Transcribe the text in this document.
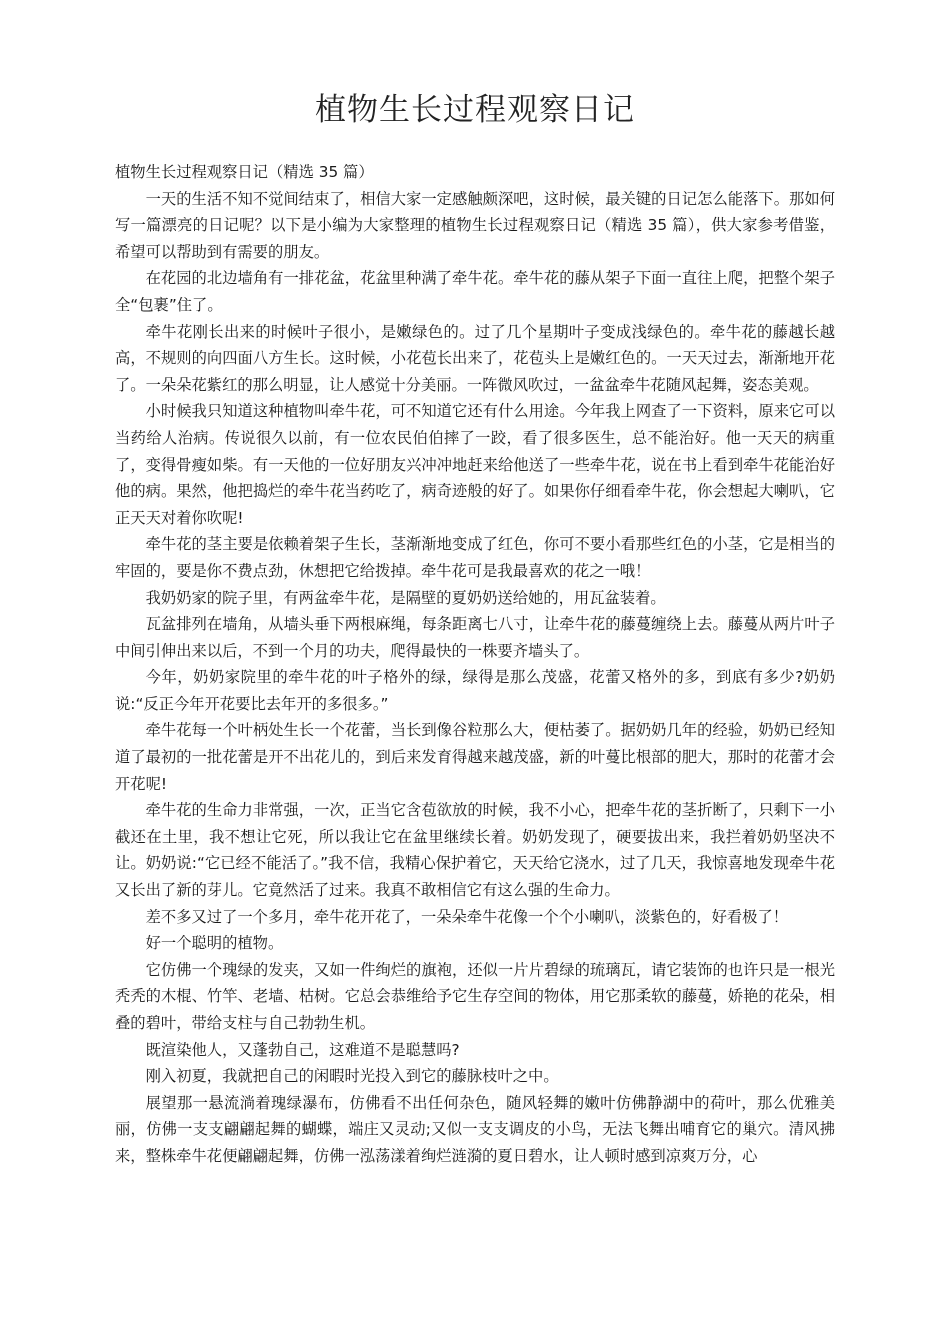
植物生长过程观察日记

植物生长过程观察日记（精选 35 篇）

一天的生活不知不觉间结束了，相信大家一定感触颇深吧，这时候，最关键的日记怎么能落下。那如何写一篇漂亮的日记呢？以下是小编为大家整理的植物生长过程观察日记（精选 35 篇），供大家参考借鉴，希望可以帮助到有需要的朋友。

在花园的北边墙角有一排花盆，花盆里种满了牵牛花。牵牛花的藤从架子下面一直往上爬，把整个架子全“包裹”住了。

牵牛花刚长出来的时候叶子很小，是嫩绿色的。过了几个星期叶子变成浅绿色的。牵牛花的藤越长越高，不规则的向四面八方生长。这时候，小花苞长出来了，花苞头上是嫩红色的。一天天过去，渐渐地开花了。一朵朵花紫红的那么明显，让人感觉十分美丽。一阵微风吹过，一盆盆牵牛花随风起舞，姿态美观。

小时候我只知道这种植物叫牵牛花，可不知道它还有什么用途。今年我上网查了一下资料，原来它可以当药给人治病。传说很久以前，有一位农民伯伯摔了一跤，看了很多医生，总不能治好。他一天天的病重了，变得骨瘦如柴。有一天他的一位好朋友兴冲冲地赶来给他送了一些牵牛花，说在书上看到牵牛花能治好他的病。果然，他把捣烂的牵牛花当药吃了，病奇迹般的好了。如果你仔细看牵牛花，你会想起大喇叭，它正天天对着你吹呢!

牵牛花的茎主要是依赖着架子生长，茎渐渐地变成了红色，你可不要小看那些红色的小茎，它是相当的牢固的，要是你不费点劲，休想把它给拨掉。牵牛花可是我最喜欢的花之一哦！

我奶奶家的院子里，有两盆牵牛花，是隔壁的夏奶奶送给她的，用瓦盆装着。

瓦盆排列在墙角，从墙头垂下两根麻绳，每条距离七八寸，让牵牛花的藤蔓缠绕上去。藤蔓从两片叶子中间引伸出来以后，不到一个月的功夫，爬得最快的一株要齐墙头了。

今年，奶奶家院里的牵牛花的叶子格外的绿，绿得是那么茂盛，花蕾又格外的多，到底有多少?奶奶说:“反正今年开花要比去年开的多很多。”

牵牛花每一个叶柄处生长一个花蕾，当长到像谷粒那么大，便枯萎了。据奶奶几年的经验，奶奶已经知道了最初的一批花蕾是开不出花儿的，到后来发育得越来越茂盛，新的叶蔓比根部的肥大，那时的花蕾才会开花呢!

牵牛花的生命力非常强，一次，正当它含苞欲放的时候，我不小心，把牵牛花的茎折断了，只剩下一小截还在土里，我不想让它死，所以我让它在盆里继续长着。奶奶发现了，硬要拔出来，我拦着奶奶坚决不让。奶奶说:“它已经不能活了。”我不信，我精心保护着它，天天给它浇水，过了几天，我惊喜地发现牵牛花又长出了新的芽儿。它竟然活了过来。我真不敢相信它有这么强的生命力。

差不多又过了一个多月，牵牛花开花了，一朵朵牵牛花像一个个小喇叭，淡紫色的，好看极了！

好一个聪明的植物。

它仿佛一个瑰绿的发夹，又如一件绚烂的旗袍，还似一片片碧绿的琉璃瓦，请它装饰的也许只是一根光秃秃的木棍、竹竿、老墙、枯树。它总会恭维给予它生存空间的物体，用它那柔软的藤蔓，娇艳的花朵，相叠的碧叶，带给支柱与自己勃勃生机。

既渲染他人，又蓬勃自己，这难道不是聪慧吗?

刚入初夏，我就把自己的闲暇时光投入到它的藤脉枝叶之中。

展望那一悬流淌着瑰绿瀑布，仿佛看不出任何杂色，随风轻舞的嫩叶仿佛静湖中的荷叶，那么优雅美丽，仿佛一支支翩翩起舞的蝴蝶，端庄又灵动;又似一支支调皮的小鸟，无法飞舞出哺育它的巢穴。清风拂来，整株牵牛花便翩翩起舞，仿佛一泓荡漾着绚烂涟漪的夏日碧水，让人顿时感到凉爽万分，心
